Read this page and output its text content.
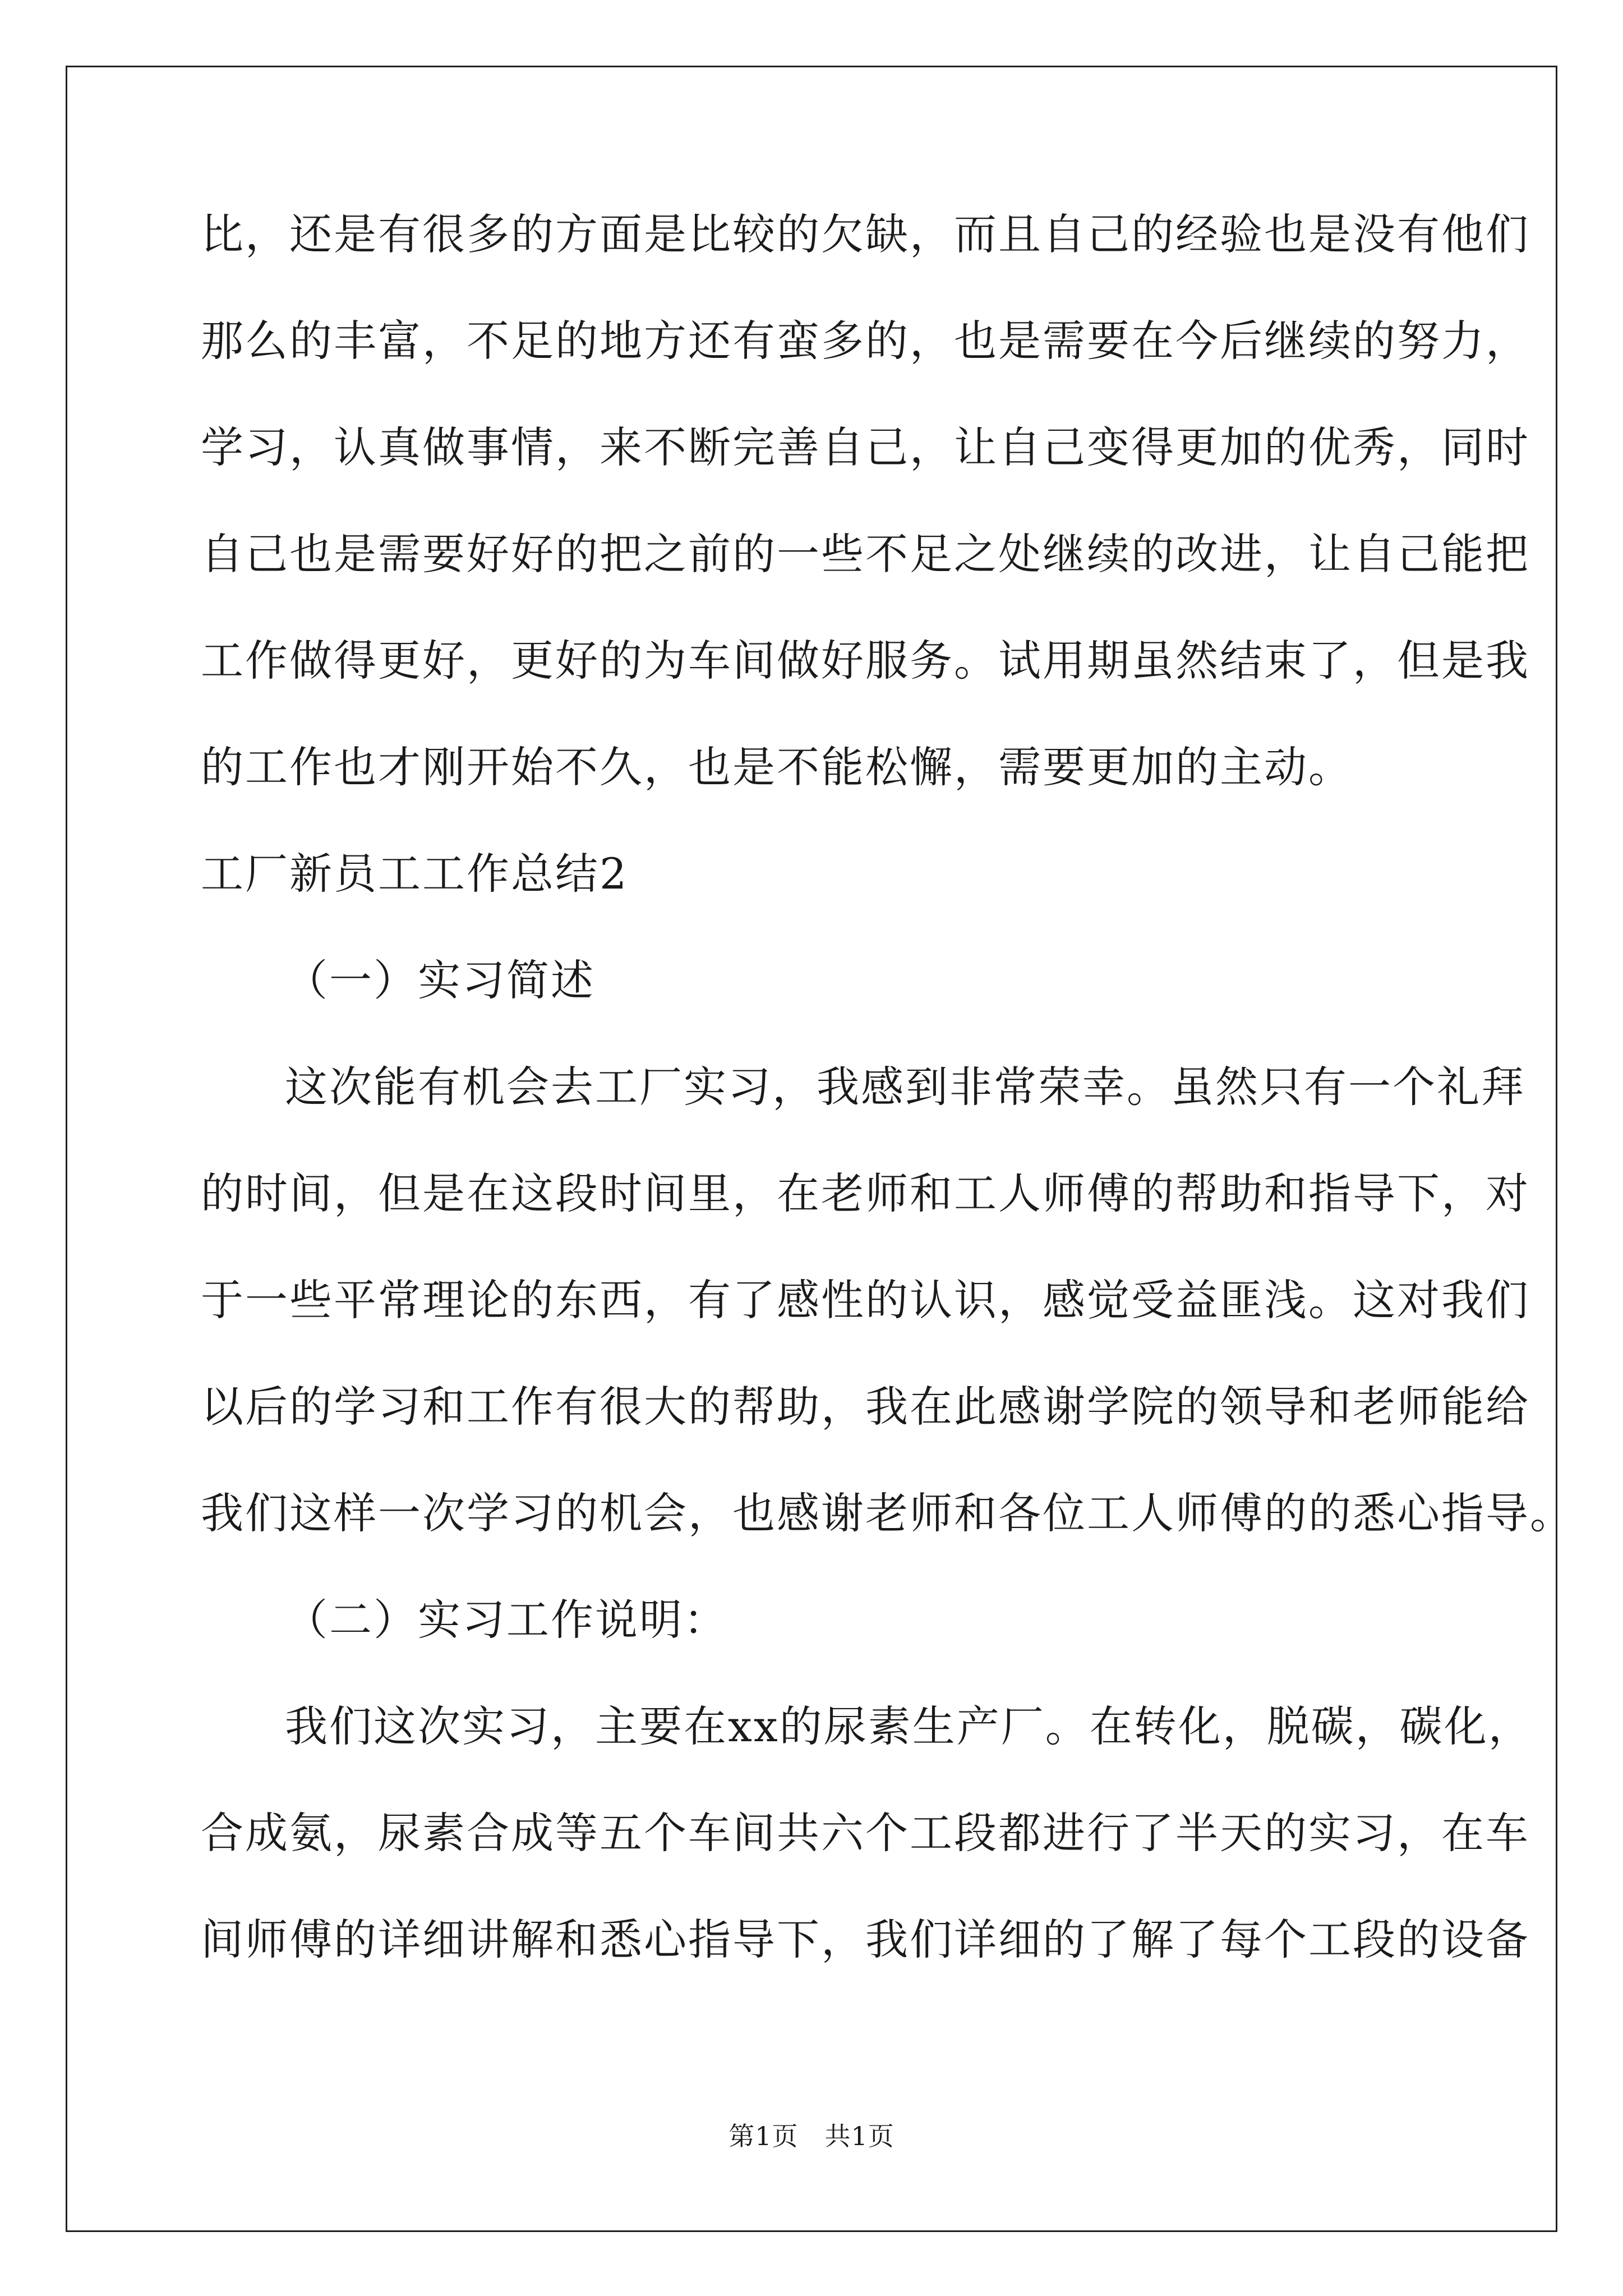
比，还是有很多的方面是比较的欠缺，而且自己的经验也是没有他们
那么的丰富，不足的地方还有蛮多的，也是需要在今后继续的努力，
学习，认真做事情，来不断完善自己，让自己变得更加的优秀，同时
自己也是需要好好的把之前的一些不足之处继续的改进，让自己能把
工作做得更好，更好的为车间做好服务。试用期虽然结束了，但是我
的工作也才刚开始不久，也是不能松懈，需要更加的主动。
工厂新员工工作总结2
（一）实习简述
这次能有机会去工厂实习，我感到非常荣幸。虽然只有一个礼拜
的时间，但是在这段时间里，在老师和工人师傅的帮助和指导下，对
于一些平常理论的东西，有了感性的认识，感觉受益匪浅。这对我们
以后的学习和工作有很大的帮助，我在此感谢学院的领导和老师能给
我们这样一次学习的机会，也感谢老师和各位工人师傅的的悉心指导。
（二）实习工作说明：
我们这次实习，主要在xx的尿素生产厂。在转化，脱碳，碳化，
合成氨，尿素合成等五个车间共六个工段都进行了半天的实习，在车
间师傅的详细讲解和悉心指导下，我们详细的了解了每个工段的设备
第1页　共1页
